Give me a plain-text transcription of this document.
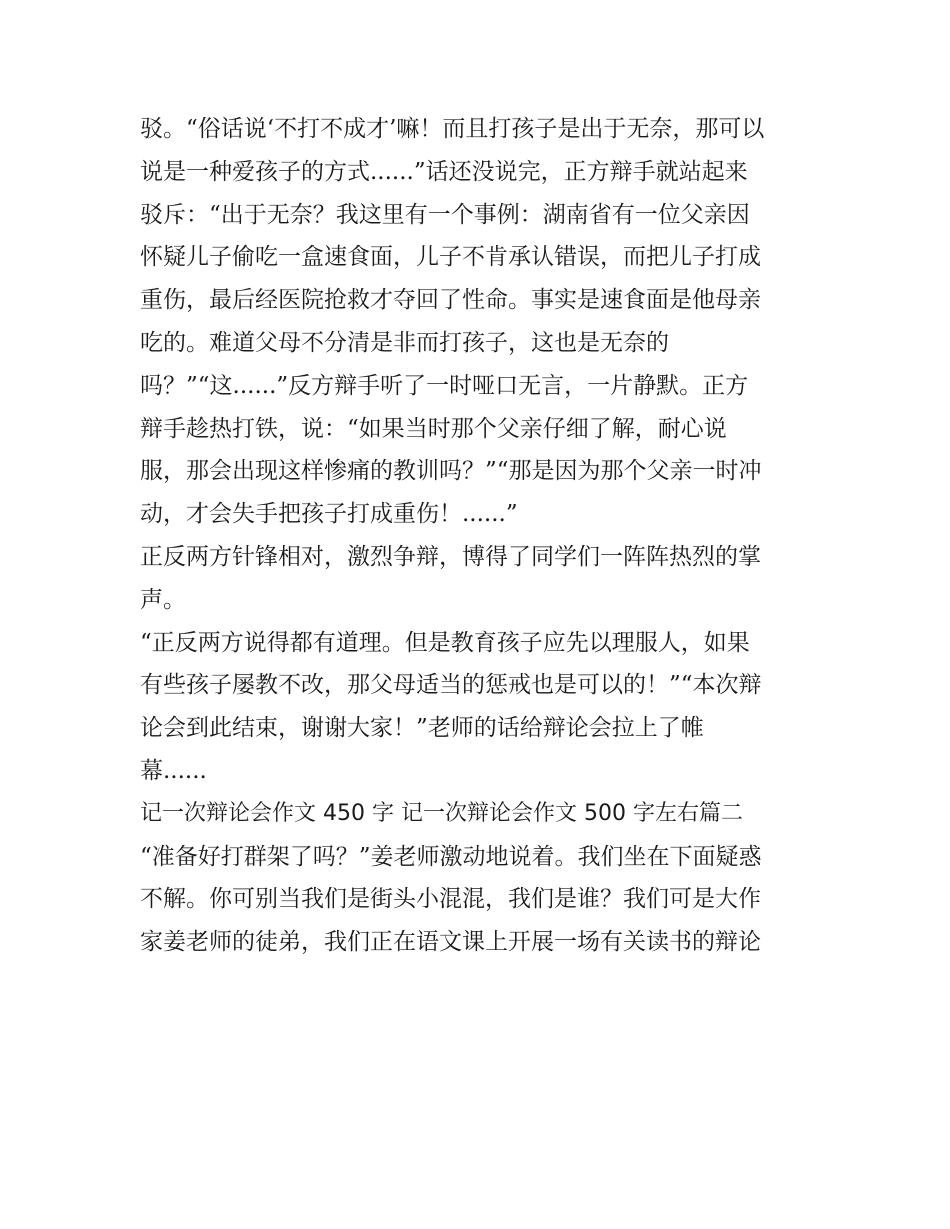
驳。“俗话说‘不打不成才’嘛！而且打孩子是出于无奈，那可以
说是一种爱孩子的方式......”话还没说完，正方辩手就站起来
驳斥：“出于无奈？我这里有一个事例：湖南省有一位父亲因
怀疑儿子偷吃一盒速食面，儿子不肯承认错误，而把儿子打成
重伤，最后经医院抢救才夺回了性命。事实是速食面是他母亲
吃的。难道父母不分清是非而打孩子，这也是无奈的
吗？”“这......”反方辩手听了一时哑口无言，一片静默。正方
辩手趁热打铁，说：“如果当时那个父亲仔细了解，耐心说
服，那会出现这样惨痛的教训吗？”“那是因为那个父亲一时冲
动，才会失手把孩子打成重伤！......”
正反两方针锋相对，激烈争辩，博得了同学们一阵阵热烈的掌
声。
“正反两方说得都有道理。但是教育孩子应先以理服人，如果
有些孩子屡教不改，那父母适当的惩戒也是可以的！”“本次辩
论会到此结束，谢谢大家！”老师的话给辩论会拉上了帷
幕......
记一次辩论会作文 450 字 记一次辩论会作文 500 字左右篇二
“准备好打群架了吗？”姜老师激动地说着。我们坐在下面疑惑
不解。你可别当我们是街头小混混，我们是谁？我们可是大作
家姜老师的徒弟，我们正在语文课上开展一场有关读书的辩论
